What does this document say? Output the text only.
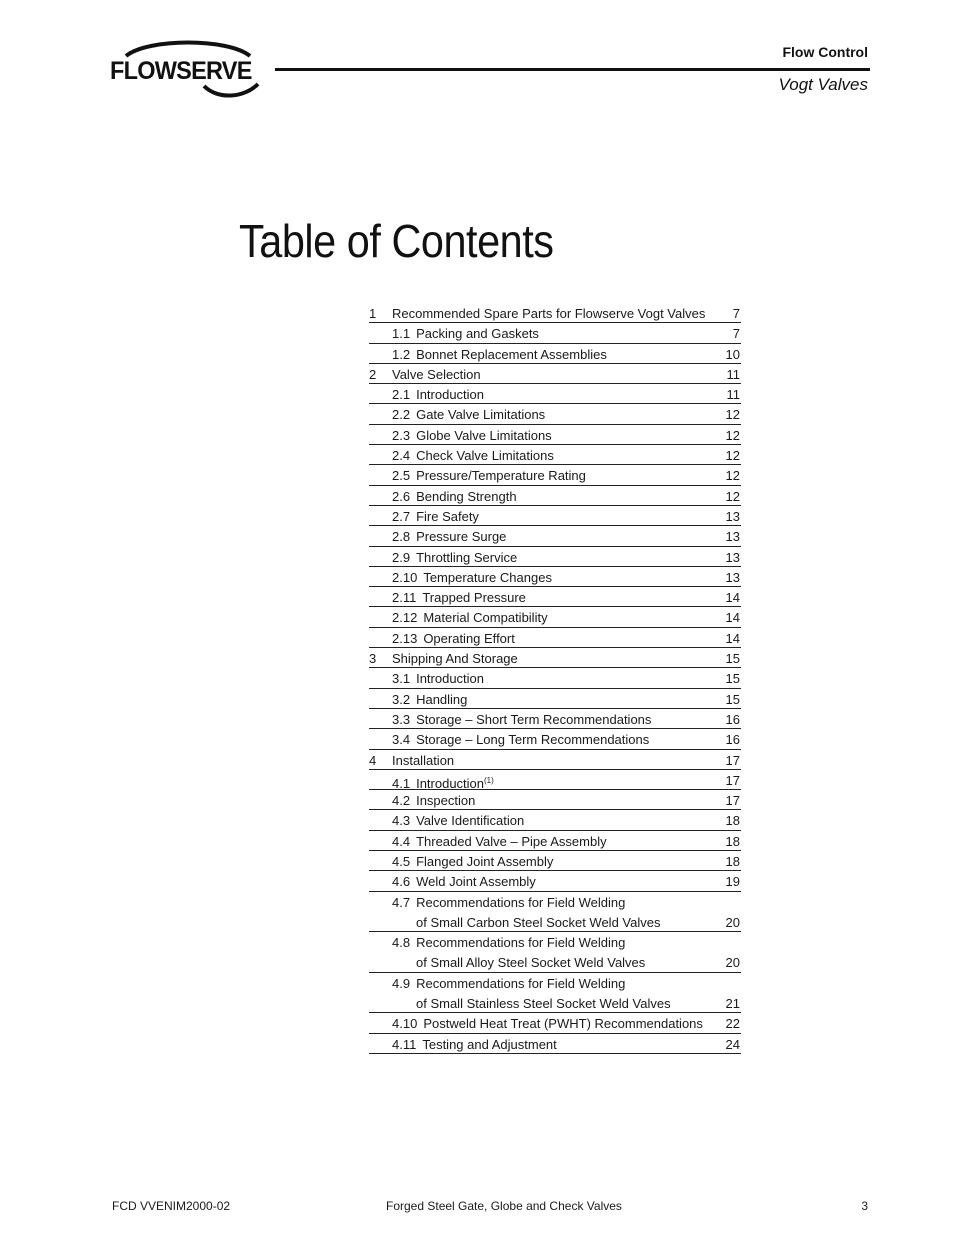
FLOWSERVE
Flow Control
Vogt Valves
Table of Contents
1 Recommended Spare Parts for Flowserve Vogt Valves 7
1.1 Packing and Gaskets	7
1.2 Bonnet Replacement Assemblies	10
2 Valve Selection	11
2.1 Introduction	11
2.2 Gate Valve Limitations	12
2.3 Globe Valve Limitations	12
2.4 Check Valve Limitations	12
2.5 Pressure/Temperature Rating	12
2.6 Bending Strength	12
2.7 Fire Safety	13
2.8 Pressure Surge	13
2.9 Throttling Service	13
2.10 Temperature Changes	13
2.11 Trapped Pressure	14
2.12 Material Compatibility	14
2.13 Operating Effort	14
3 Shipping And Storage	15
3.1 Introduction	15
3.2 Handling	15
3.3 Storage – Short Term Recommendations	16
3.4 Storage – Long Term Recommendations	16
4 Installation	17
4.1 Introduction$^{(1)}$	17
4.2 Inspection	17
4.3 Valve Identification	18
4.4 Threaded Valve – Pipe Assembly	18
4.5 Flanged Joint Assembly	18
4.6 Weld Joint Assembly	19
4.7 Recommendations for Field Welding
of Small Carbon Steel Socket Weld Valves	20
4.8 Recommendations for Field Welding
of Small Alloy Steel Socket Weld Valves	20
4.9 Recommendations for Field Welding
of Small Stainless Steel Socket Weld Valves	21
4.10 Postweld Heat Treat (PWHT) Recommendations 22
4.11 Testing and Adjustment	24
FCD VVENIM2000-02	Forged Steel Gate, Globe and Check Valves	3
